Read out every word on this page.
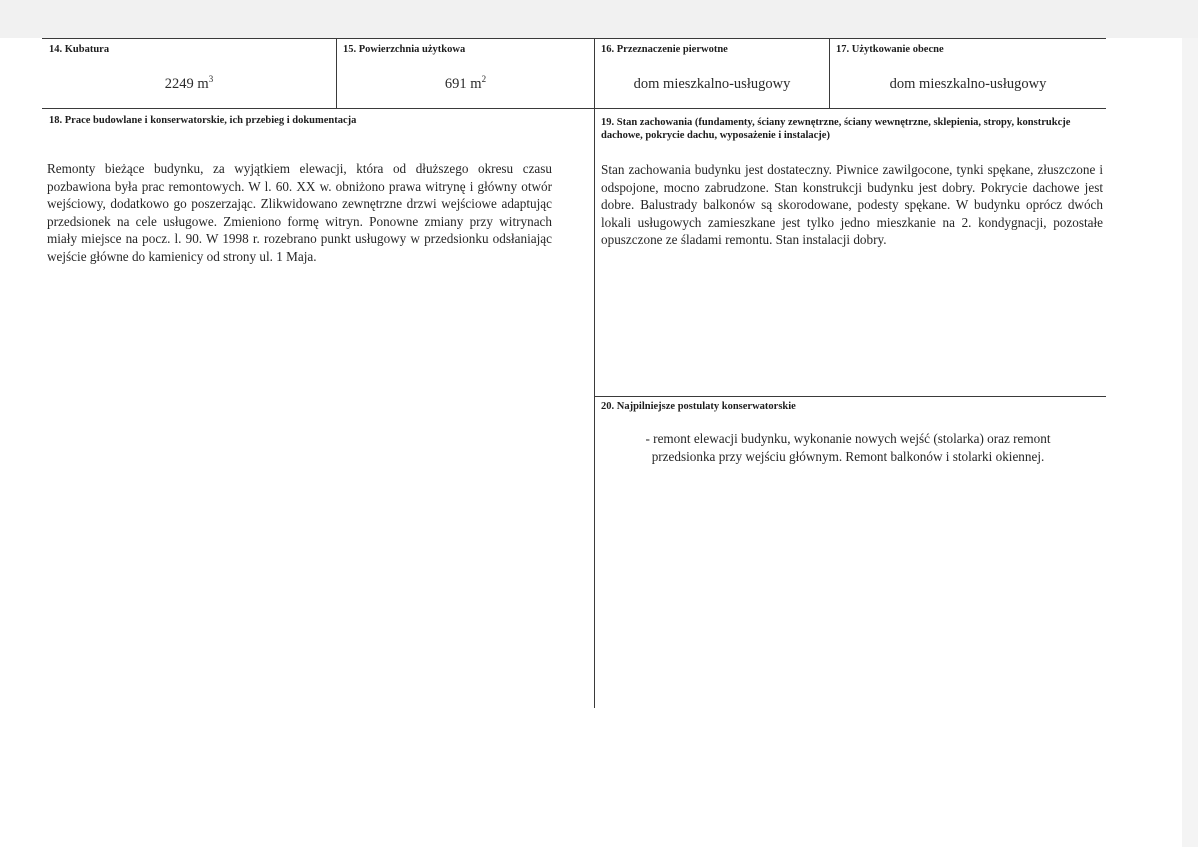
14. Kubatura
2249 $m^3$
15. Powierzchnia użytkowa
691 $m^2$
16. Przeznaczenie pierwotne
dom mieszkalno-usługowy
17. Użytkowanie obecne
dom mieszkalno-usługowy
18. Prace budowlane i konserwatorskie, ich przebieg i dokumentacja
Remonty bieżące budynku, za wyjątkiem elewacji, która od dłuższego okresu czasu pozbawiona była prac remontowych. W l. 60. XX w. obniżono prawa witrynę i główny otwór wejściowy, dodatkowo go poszerzając. Zlikwidowano zewnętrzne drzwi wejściowe adaptując przedsionek na cele usługowe. Zmieniono formę witryn. Ponowne zmiany przy witrynach miały miejsce na pocz. l. 90. W 1998 r. rozebrano punkt usługowy w przedsionku odsłaniając wejście główne do kamienicy od strony ul. 1 Maja.
19. Stan zachowania (fundamenty, ściany zewnętrzne, ściany wewnętrzne, sklepienia, stropy, konstrukcje dachowe, pokrycie dachu, wyposażenie i instalacje)
Stan zachowania budynku jest dostateczny. Piwnice zawilgocone, tynki spękane, złuszczone i odspojone, mocno zabrudzone. Stan konstrukcji budynku jest dobry. Pokrycie dachowe jest dobre. Balustrady balkonów są skorodowane, podesty spękane. W budynku oprócz dwóch lokali usługowych zamieszkane jest tylko jedno mieszkanie na 2. kondygnacji, pozostałe opuszczone ze śladami remontu. Stan instalacji dobry.
20. Najpilniejsze postulaty konserwatorskie
- remont elewacji budynku, wykonanie nowych wejść (stolarka) oraz remont przedsionka przy wejściu głównym. Remont balkonów i stolarki okiennej.
